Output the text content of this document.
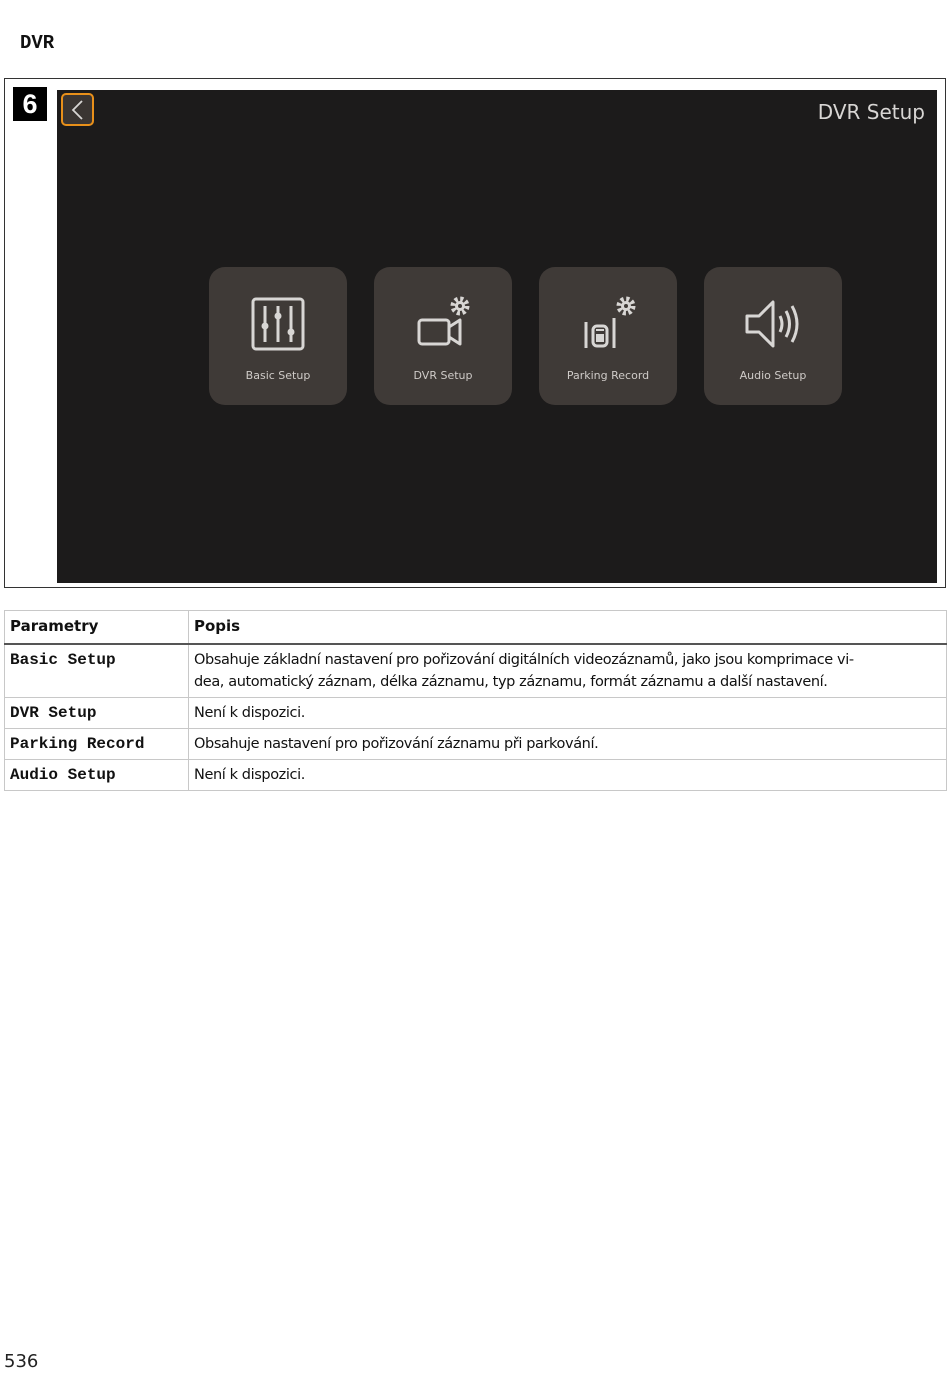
DVR
6	DVR Setup
Basic Setup	DVR Setup	Parking Record	Audio Setup
Parametry	Popis
Basic Setup	Obsahuje základní nastavení pro pořizování digitálních videozáznamů, jako jsou komprimace vi-
dea, automatický záznam, délka záznamu, typ záznamu, formát záznamu a další nastavení.
DVR Setup	Není k dispozici.
Parking Record	Obsahuje nastavení pro pořizování záznamu při parkování.
Audio Setup	Není k dispozici.
536
